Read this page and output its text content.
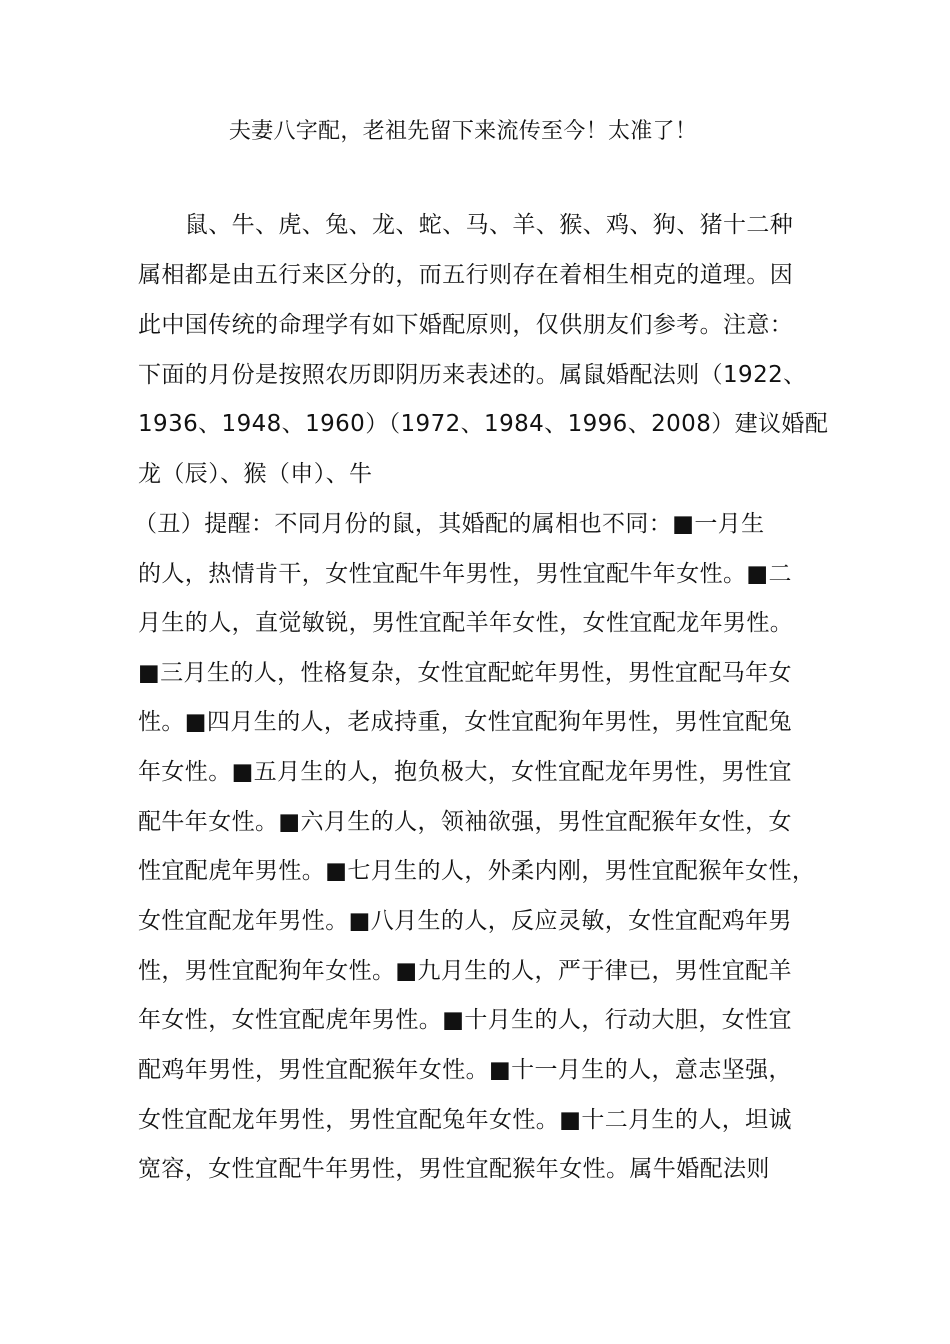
夫妻八字配，老祖先留下来流传至今！太准了！
　　鼠、牛、虎、兔、龙、蛇、马、羊、猴、鸡、狗、猪十二种
属相都是由五行来区分的，而五行则存在着相生相克的道理。因
此中国传统的命理学有如下婚配原则，仅供朋友们参考。注意：
下面的月份是按照农历即阴历来表述的。属鼠婚配法则（1922、
1936、1948、1960）（1972、1984、1996、2008）建议婚配
龙（辰）、猴（申）、牛
（丑）提醒：不同月份的鼠，其婚配的属相也不同：■一月生
的人，热情肯干，女性宜配牛年男性，男性宜配牛年女性。■二
月生的人，直觉敏锐，男性宜配羊年女性，女性宜配龙年男性。
■三月生的人，性格复杂，女性宜配蛇年男性，男性宜配马年女
性。■四月生的人，老成持重，女性宜配狗年男性，男性宜配兔
年女性。■五月生的人，抱负极大，女性宜配龙年男性，男性宜
配牛年女性。■六月生的人，领袖欲强，男性宜配猴年女性，女
性宜配虎年男性。■七月生的人，外柔内刚，男性宜配猴年女性，
女性宜配龙年男性。■八月生的人，反应灵敏，女性宜配鸡年男
性，男性宜配狗年女性。■九月生的人，严于律已，男性宜配羊
年女性，女性宜配虎年男性。■十月生的人，行动大胆，女性宜
配鸡年男性，男性宜配猴年女性。■十一月生的人，意志坚强，
女性宜配龙年男性，男性宜配兔年女性。■十二月生的人，坦诚
宽容，女性宜配牛年男性，男性宜配猴年女性。属牛婚配法则
